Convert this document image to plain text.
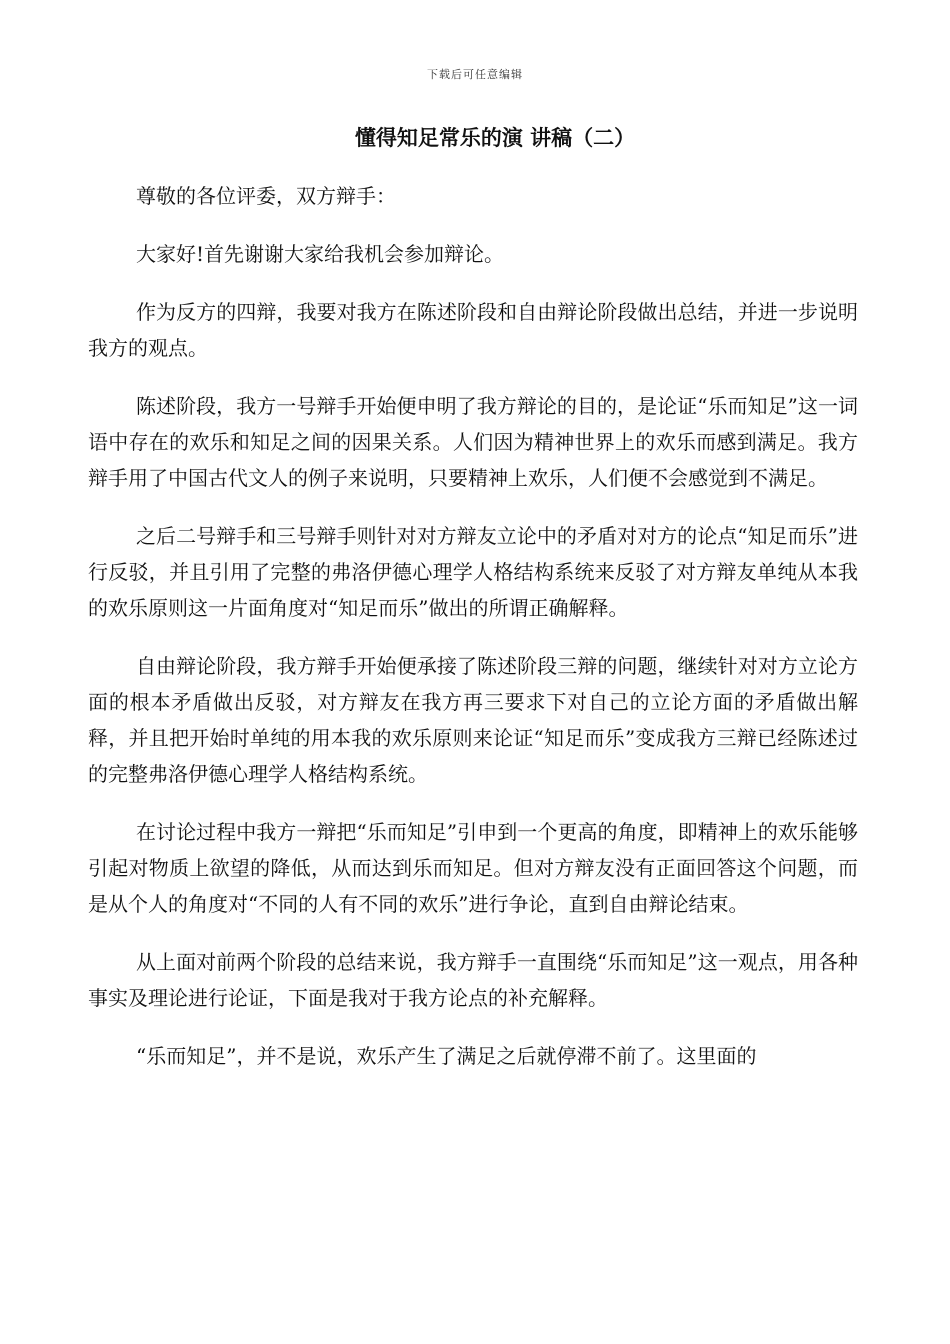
下载后可任意编辑
懂得知足常乐的演 讲稿（二）

尊敬的各位评委，双方辩手：

大家好!首先谢谢大家给我机会参加辩论。

作为反方的四辩，我要对我方在陈述阶段和自由辩论阶段做出总结，并进一步说明我方的观点。

陈述阶段，我方一号辩手开始便申明了我方辩论的目的，是论证“乐而知足”这一词语中存在的欢乐和知足之间的因果关系。人们因为精神世界上的欢乐而感到满足。我方辩手用了中国古代文人的例子来说明，只要精神上欢乐，人们便不会感觉到不满足。

之后二号辩手和三号辩手则针对对方辩友立论中的矛盾对对方的论点“知足而乐”进行反驳，并且引用了完整的弗洛伊德心理学人格结构系统来反驳了对方辩友单纯从本我的欢乐原则这一片面角度对“知足而乐”做出的所谓正确解释。

自由辩论阶段，我方辩手开始便承接了陈述阶段三辩的问题，继续针对对方立论方面的根本矛盾做出反驳，对方辩友在我方再三要求下对自己的立论方面的矛盾做出解释，并且把开始时单纯的用本我的欢乐原则来论证“知足而乐”变成我方三辩已经陈述过的完整弗洛伊德心理学人格结构系统。

在讨论过程中我方一辩把“乐而知足”引申到一个更高的角度，即精神上的欢乐能够引起对物质上欲望的降低，从而达到乐而知足。但对方辩友没有正面回答这个问题，而是从个人的角度对“不同的人有不同的欢乐”进行争论，直到自由辩论结束。

从上面对前两个阶段的总结来说，我方辩手一直围绕“乐而知足”这一观点，用各种事实及理论进行论证，下面是我对于我方论点的补充解释。

“乐而知足”，并不是说，欢乐产生了满足之后就停滞不前了。这里面的
